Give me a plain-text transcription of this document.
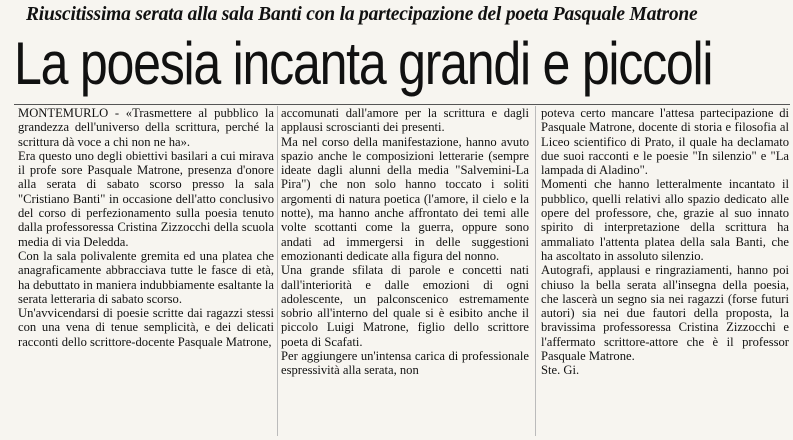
Riuscitissima serata alla sala Banti con la partecipazione del poeta Pasquale Matrone
La poesia incanta grandi e piccoli

MONTEMURLO - «Trasmettere al pubblico la grandezza dell'universo della scrittura, perché la scrittura dà voce a chi non ne ha».

Era questo uno degli obiettivi basilari a cui mirava il profe sore Pasquale Matrone, presenza d'onore alla serata di sabato scorso presso la sala "Cristiano Banti" in occasione dell'atto conclusivo del corso di perfezionamento sulla poesia tenuto dalla professoressa Cristina Zizzocchi della scuola media di via Deledda.

Con la sala polivalente gremita ed una platea che anagraficamente abbracciava tutte le fasce di età, ha debuttato in maniera indubbiamente esaltante la serata letteraria di sabato scorso.

Un'avvicendarsi di poesie scritte dai ragazzi stessi con una vena di tenue semplicità, e dei delicati racconti dello scrittore-docente Pasquale Matrone,

accomunati dall'amore per la scrittura e dagli applausi scroscianti dei presenti.

Ma nel corso della manifestazione, hanno avuto spazio anche le composizioni letterarie (sempre ideate dagli alunni della media "Salvemini-La Pira") che non solo hanno toccato i soliti argomenti di natura poetica (l'amore, il cielo e la notte), ma hanno anche affrontato dei temi alle volte scottanti come la guerra, oppure sono andati ad immergersi in delle suggestioni emozionanti dedicate alla figura del nonno.

Una grande sfilata di parole e concetti nati dall'interiorità e dalle emozioni di ogni adolescente, un palconscenico estremamente sobrio all'interno del quale si è esibito anche il piccolo Luigi Matrone, figlio dello scrittore poeta di Scafati.

Per aggiungere un'intensa carica di professionale espressività alla serata, non

poteva certo mancare l'attesa partecipazione di Pasquale Matrone, docente di storia e filosofia al Liceo scientifico di Prato, il quale ha declamato due suoi racconti e le poesie "In silenzio" e "La lampada di Aladino".

Momenti che hanno letteralmente incantato il pubblico, quelli relativi allo spazio dedicato alle opere del professore, che, grazie al suo innato spirito di interpretazione della scrittura ha ammaliato l'attenta platea della sala Banti, che ha ascoltato in assoluto silenzio.

Autografi, applausi e ringraziamenti, hanno poi chiuso la bella serata all'insegna della poesia, che lascerà un segno sia nei ragazzi (forse futuri autori) sia nei due fautori della proposta, la bravissima professoressa Cristina Zizzocchi e l'affermato scrittore-attore che è il professor Pasquale Matrone.

Ste. Gi.
